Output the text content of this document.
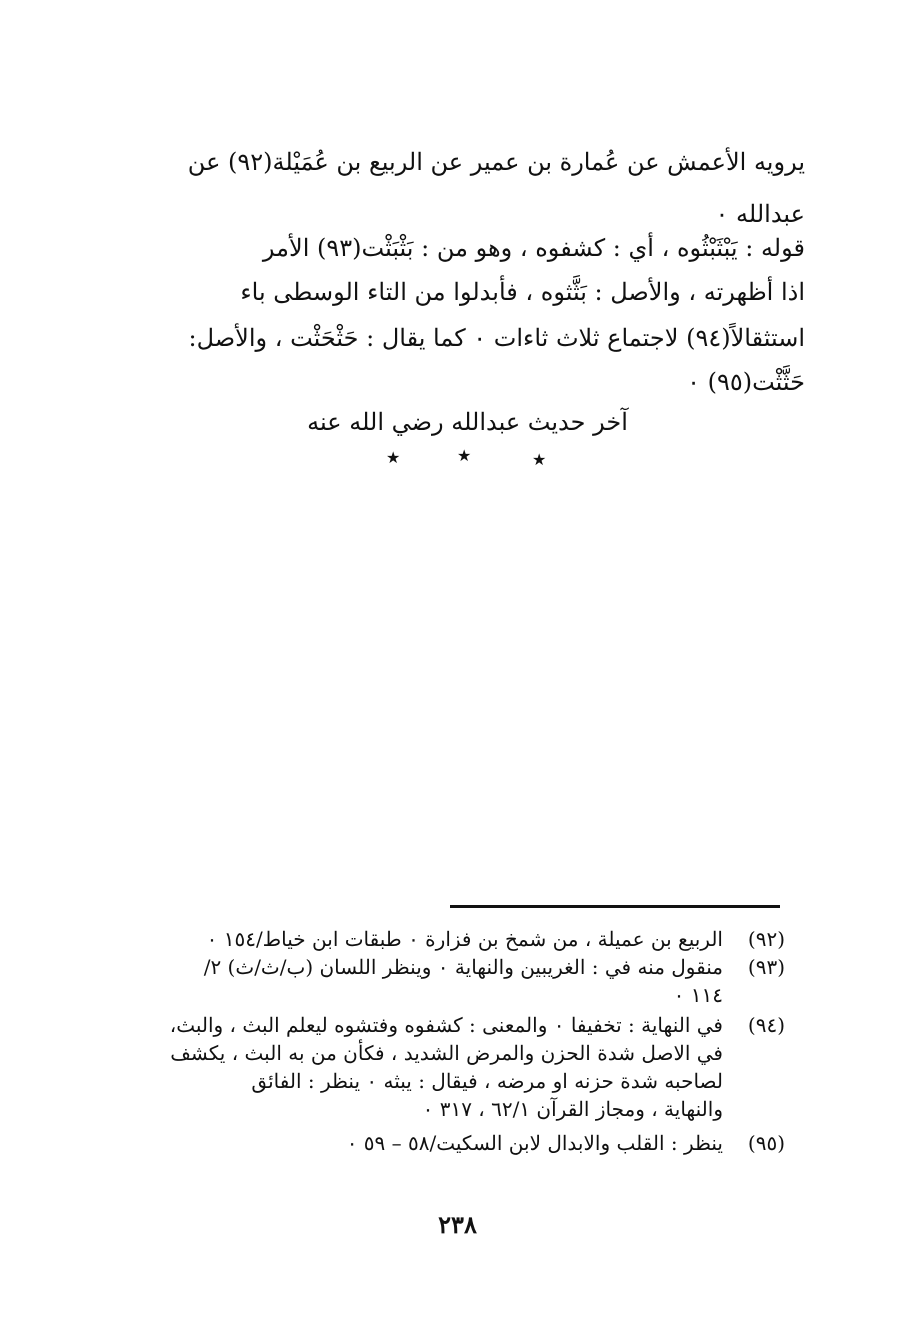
يرويه الأعمش عن عُمارة بن عمير عن الربيع بن عُمَيْلة(٩٢) عن
عبدالله ٠
قوله : يَبْثَبْثُوه ، أي : كشفوه ، وهو من : بَثْبَثْت(٩٣) الأمر
اذا أظهرته ، والأصل : بَثَّثوه ، فأبدلوا من التاء الوسطى باء
استثقالاً(٩٤) لاجتماع ثلاث ثاءات ٠ كما يقال : حَثْحَثْت ، والأصل:
حَثَّثْت(٩٥) ٠
آخر حديث عبدالله رضي الله عنه
★	★	★
(٩٢)
الربيع بن عميلة ، من شمخ بن فزارة ٠ طبقات ابن خياط/١٥٤ ٠
(٩٣)
منقول منه في : الغريبين والنهاية ٠ وينظر اللسان (ب/ث/ث) ٢/
١١٤ ٠
(٩٤)
في النهاية : تخفيفا ٠ والمعنى : كشفوه وفتشوه ليعلم البث ، والبث،
في الاصل شدة الحزن والمرض الشديد ، فكأن من به البث ، يكشف
لصاحبه شدة حزنه او مرضه ، فيقال : يبثه ٠ ينظر : الفائق
والنهاية ، ومجاز القرآن ٦٢/١ ، ٣١٧ ٠
(٩٥)
ينظر : القلب والابدال لابن السكيت/٥٨ – ٥٩ ٠
٢٣٨
